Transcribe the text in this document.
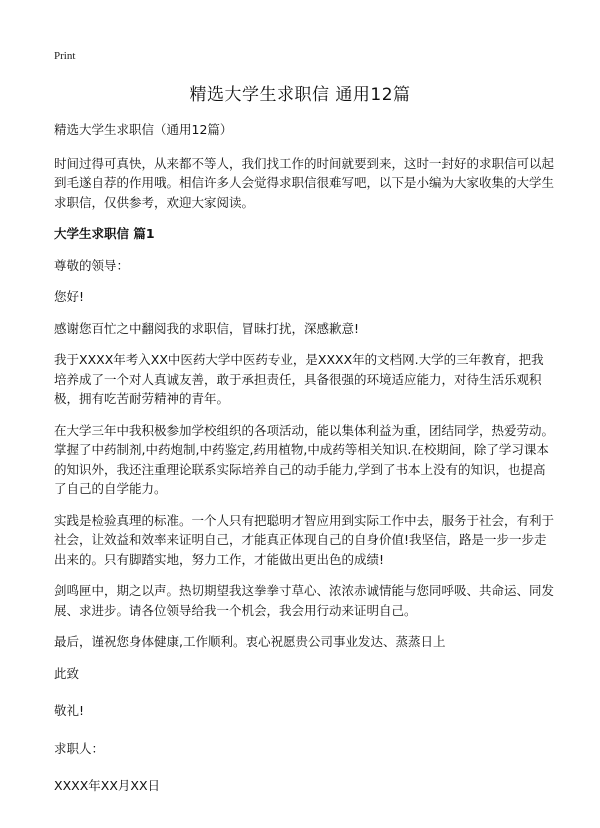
Print
精选大学生求职信 通用12篇

精选大学生求职信（通用12篇）

时间过得可真快，从来都不等人，我们找工作的时间就要到来，这时一封好的求职信可以起到毛遂自荐的作用哦。相信许多人会觉得求职信很难写吧，以下是小编为大家收集的大学生求职信，仅供参考，欢迎大家阅读。

大学生求职信 篇1

尊敬的领导：

您好!

感谢您百忙之中翻阅我的求职信，冒昧打扰，深感歉意!

我于XXXX年考入XX中医药大学中医药专业，是XXXX年的文档网.大学的三年教育，把我培养成了一个对人真诚友善，敢于承担责任，具备很强的环境适应能力，对待生活乐观积极，拥有吃苦耐劳精神的青年。

在大学三年中我积极参加学校组织的各项活动，能以集体利益为重，团结同学，热爱劳动。掌握了中药制剂,中药炮制,中药鉴定,药用植物,中成药等相关知识.在校期间，除了学习课本的知识外，我还注重理论联系实际培养自己的动手能力,学到了书本上没有的知识，也提高了自己的自学能力。

实践是检验真理的标准。一个人只有把聪明才智应用到实际工作中去，服务于社会，有利于社会，让效益和效率来证明自己，才能真正体现自己的自身价值!我坚信，路是一步一步走出来的。只有脚踏实地，努力工作，才能做出更出色的成绩!

剑鸣匣中，期之以声。热切期望我这拳拳寸草心、浓浓赤诚情能与您同呼吸、共命运、同发展、求进步。请各位领导给我一个机会，我会用行动来证明自己。

最后，谨祝您身体健康,工作顺利。衷心祝愿贵公司事业发达、蒸蒸日上

此致

敬礼!

求职人：

XXXX年XX月XX日
